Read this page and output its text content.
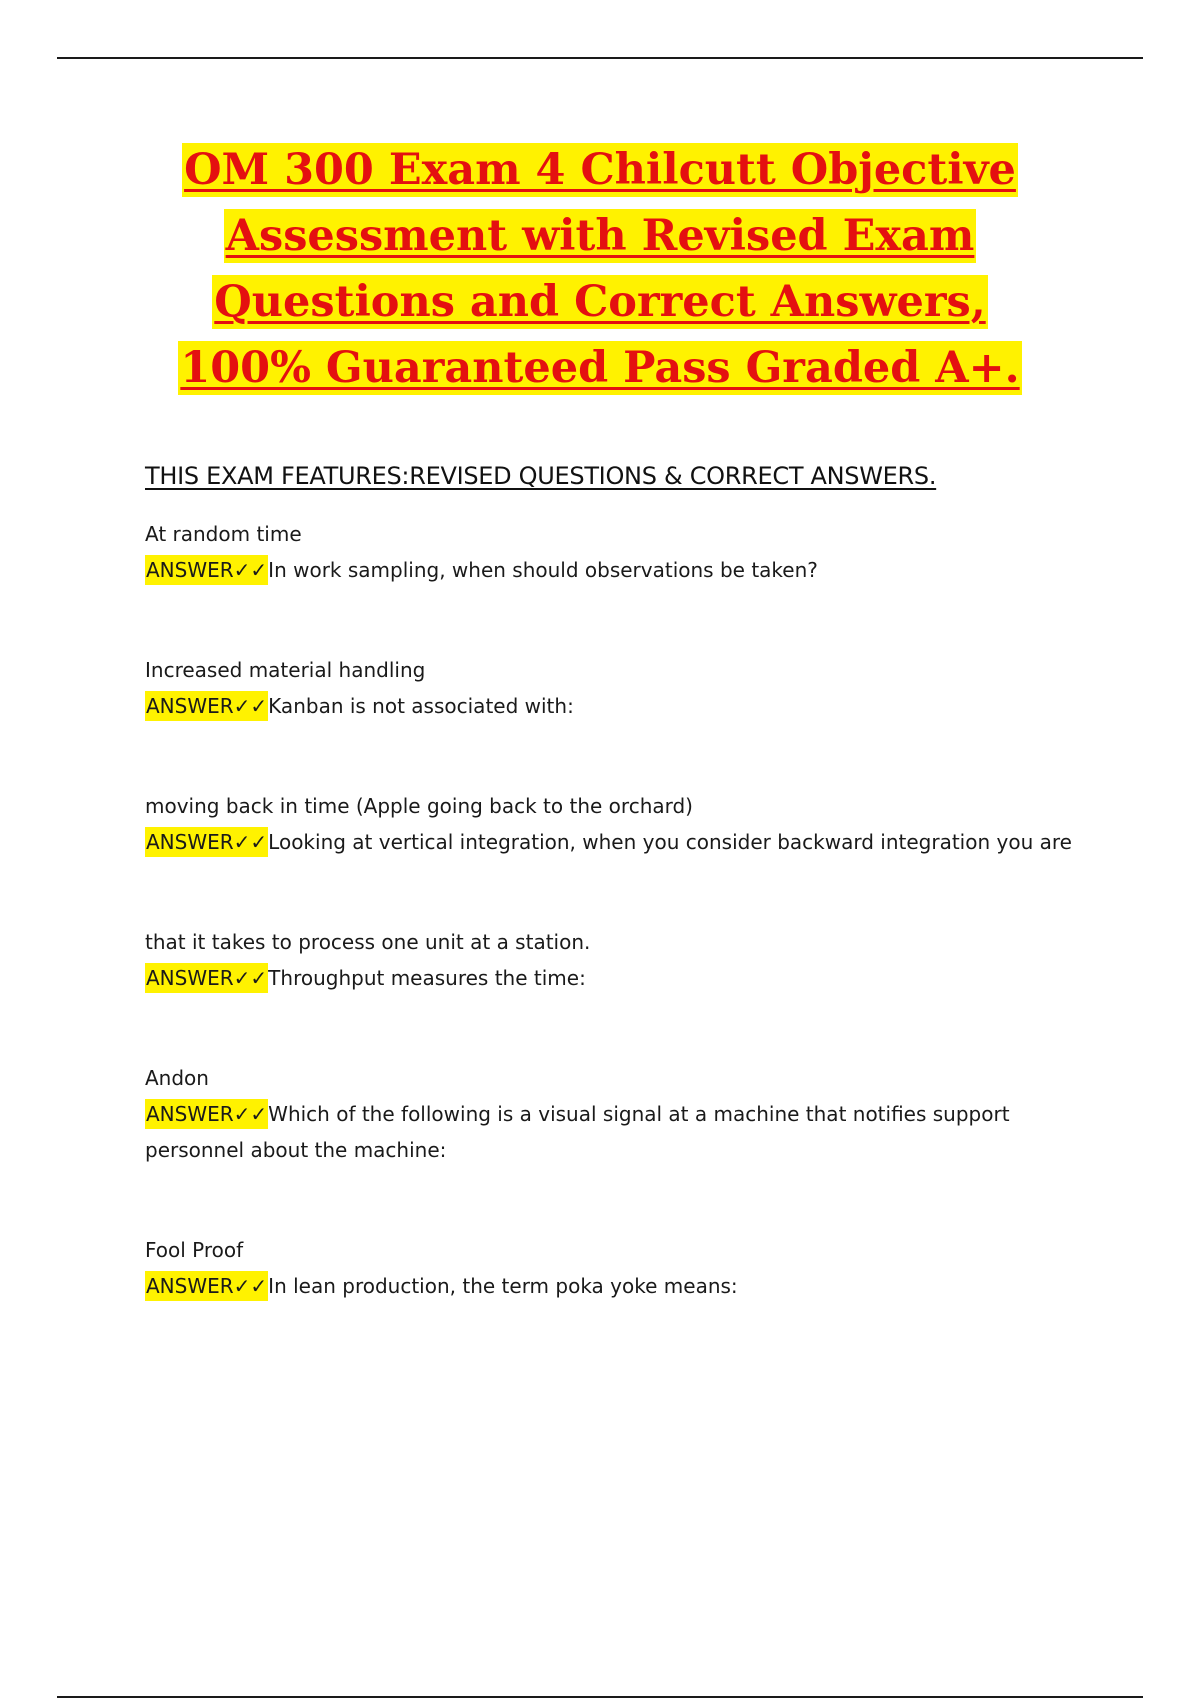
OM 300 Exam 4 Chilcutt Objective
Assessment with Revised Exam
Questions and Correct Answers,
100% Guaranteed Pass Graded A+.
THIS EXAM FEATURES:REVISED QUESTIONS & CORRECT ANSWERS.
At random time
ANSWER✓✓In work sampling, when should observations be taken?
Increased material handling
ANSWER✓✓Kanban is not associated with:
moving back in time (Apple going back to the orchard)
ANSWER✓✓Looking at vertical integration, when you consider backward integration you are
that it takes to process one unit at a station.
ANSWER✓✓Throughput measures the time:
Andon
ANSWER✓✓Which of the following is a visual signal at a machine that notifies support personnel about the machine:
Fool Proof
ANSWER✓✓In lean production, the term poka yoke means:
